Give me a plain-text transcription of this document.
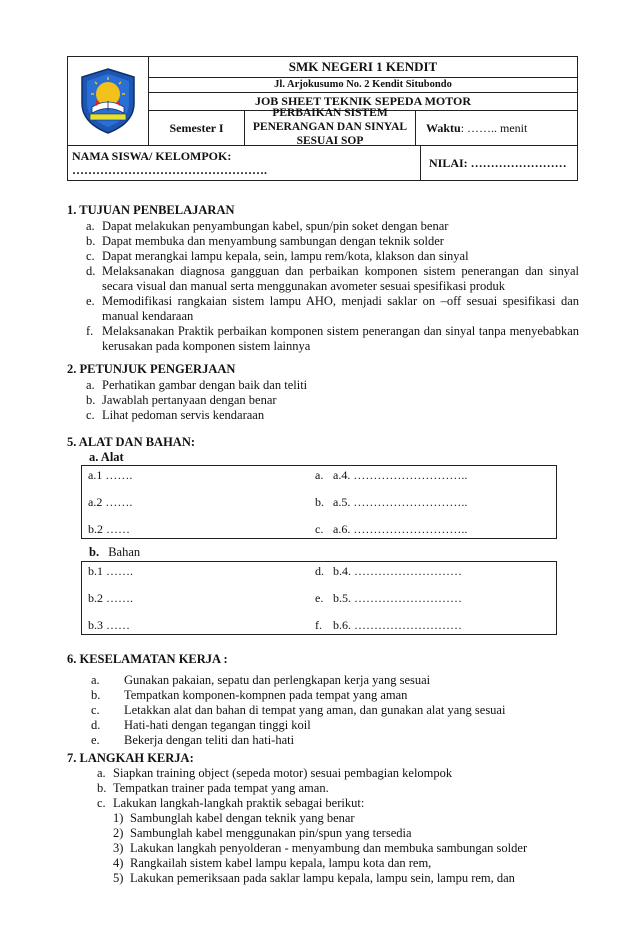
SMK NEGERI 1 KENDIT
Jl. Arjokusumo No. 2 Kendit Situbondo
JOB SHEET TEKNIK SEPEDA MOTOR
Semester I
PERBAIKAN SISTEM PENERANGAN DAN SINYAL SESUAI SOP
Waktu : …….. menit
NAMA SISWA/ KELOMPOK: ………………………………………….
NILAI: ……………………
1. TUJUAN PENBELAJARAN
a. Dapat melakukan penyambungan kabel, spun/pin soket dengan benar
b. Dapat membuka dan menyambung sambungan dengan teknik solder
c. Dapat merangkai lampu kepala, sein, lampu rem/kota, klakson dan sinyal
d. Melaksanakan diagnosa gangguan dan perbaikan komponen sistem penerangan dan sinyal secara visual dan manual serta menggunakan avometer sesuai spesifikasi produk
e. Memodifikasi rangkaian sistem lampu AHO, menjadi saklar on –off sesuai spesifikasi dan manual kendaraan
f. Melaksanakan Praktik perbaikan komponen sistem penerangan dan sinyal tanpa menyebabkan kerusakan pada komponen sistem lainnya
2. PETUNJUK PENGERJAAN
a. Perhatikan gambar dengan baik dan teliti
b. Jawablah pertanyaan dengan benar
c. Lihat pedoman servis kendaraan
5. ALAT DAN BAHAN:
a. Alat
a.1 …….	a. a.4. ………………………..
a.2 …….	b. a.5. ………………………..
b.2 ……	c. a.6. ………………………..
b. Bahan
b.1 …….	d. b.4. ………………………
b.2 …….	e. b.5. ………………………
b.3 ……	f. b.6. ………………………
6. KESELAMATAN KERJA :
a.	Gunakan pakaian, sepatu dan perlengkapan kerja yang sesuai
b.	Tempatkan komponen-kompnen pada tempat yang aman
c.	Letakkan alat dan bahan di tempat yang aman, dan gunakan alat yang sesuai
d.	Hati-hati dengan tegangan tinggi koil
e.	Bekerja dengan teliti dan hati-hati
7. LANGKAH KERJA:
a. Siapkan training object (sepeda motor) sesuai pembagian kelompok
b. Tempatkan trainer pada tempat yang aman.
c. Lakukan langkah-langkah praktik sebagai berikut:
1) Sambunglah kabel dengan teknik yang benar
2) Sambunglah kabel menggunakan pin/spun yang tersedia
3) Lakukan langkah penyolderan - menyambung dan membuka sambungan solder
4) Rangkailah sistem kabel lampu kepala, lampu kota dan rem,
5) Lakukan pemeriksaan pada saklar lampu kepala, lampu sein, lampu rem, dan
